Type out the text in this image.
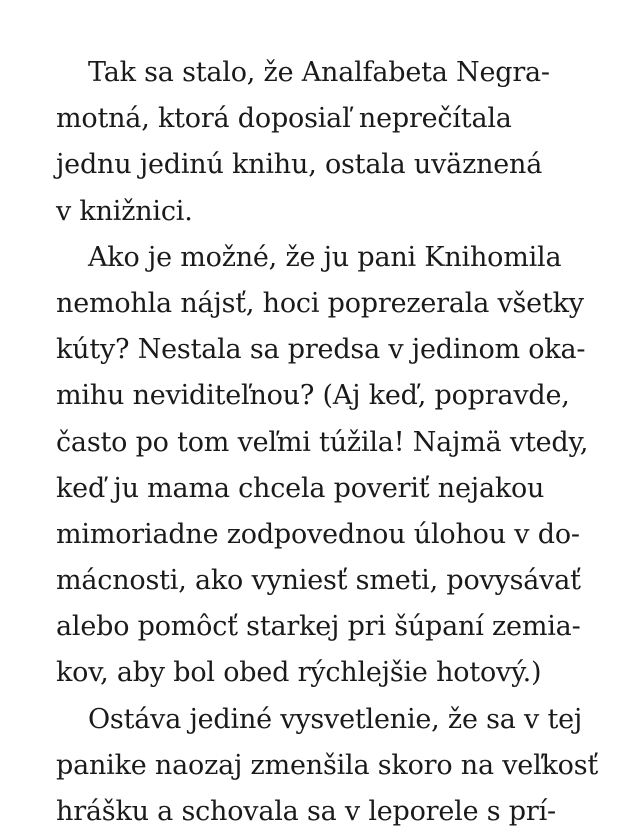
Tak sa stalo, že Analfabeta Negra-
motná, ktorá doposiaľ neprečítala
jednu jedinú knihu, ostala uväznená
v knižnici.
Ako je možné, že ju pani Knihomila
nemohla nájsť, hoci poprezerala všetky
kúty? Nestala sa predsa v jedinom oka-
mihu neviditeľnou? (Aj keď, popravde,
často po tom veľmi túžila! Najmä vtedy,
keď ju mama chcela poveriť nejakou
mimoriadne zodpovednou úlohou v do-
mácnosti, ako vyniesť smeti, povysávať
alebo pomôcť starkej pri šúpaní zemia-
kov, aby bol obed rýchlejšie hotový.)
Ostáva jediné vysvetlenie, že sa v tej
panike naozaj zmenšila skoro na veľkosť
hrášku a schovala sa v leporele s prí-
